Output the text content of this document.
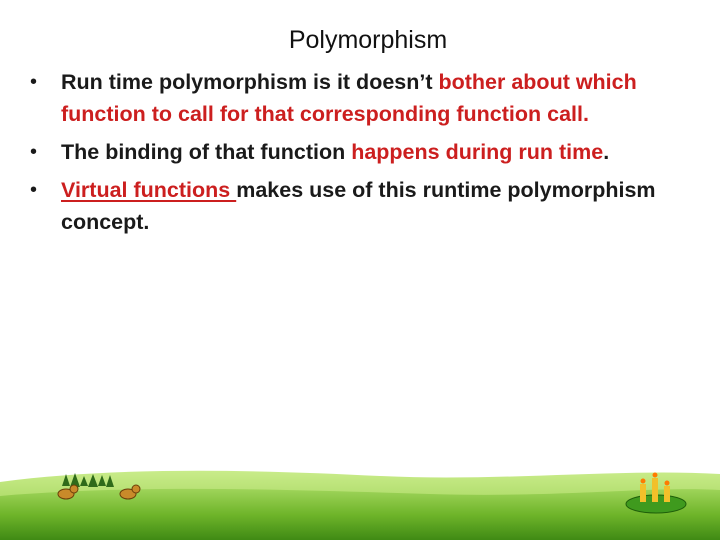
Polymorphism
• Run time polymorphism is it doesn’t bother about which function to call for that corresponding function call.
• The binding of that function happens during run time.
• Virtual functions makes use of this runtime polymorphism concept.
